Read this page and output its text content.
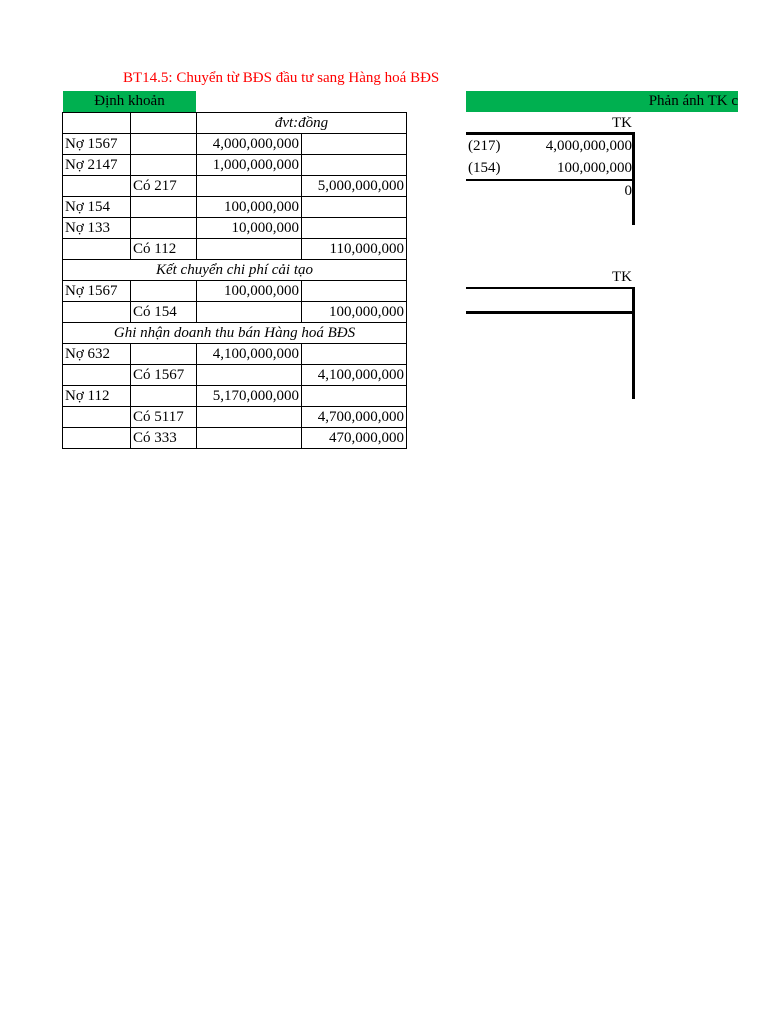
BT14.5: Chuyển từ BĐS đầu tư sang Hàng hoá BĐS
Định khoản	Phản ánh TK c
		đvt:đồng	
Nợ 1567		4,000,000,000	
Nợ 2147		1,000,000,000	
	Có 217		5,000,000,000
Nợ 154		100,000,000	
Nợ 133		10,000,000	
	Có 112		110,000,000
Kết chuyển chi phí cải tạo			
Nợ 1567		100,000,000	
	Có 154		100,000,000
Ghi nhận doanh thu bán Hàng hoá BĐS			
Nợ 632		4,100,000,000	
	Có 1567		4,100,000,000
Nợ 112		5,170,000,000	
	Có 5117		4,700,000,000
	Có 333		470,000,000
TK
(217)	4,000,000,000
(154)	100,000,000
0
TK
